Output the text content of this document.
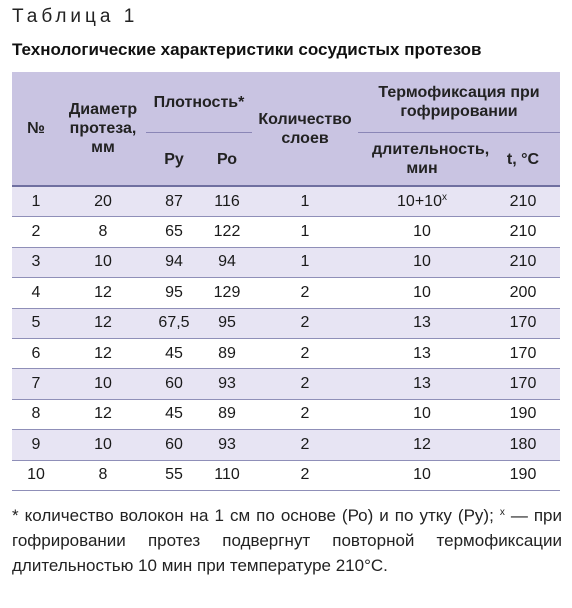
Таблица 1
Технологические характеристики сосудистых протезов
№	Диаметр протеза, мм	Плотность*		Количество слоев	Термофиксация при гофрировании	
		Ру	Ро		длительность, мин	t, °C
1	20	87	116	1	$10+10^х$	210
2	8	65	122	1	10	210
3	10	94	94	1	10	210
4	12	95	129	2	10	200
5	12	67,5	95	2	13	170
6	12	45	89	2	13	170
7	10	60	93	2	13	170
8	12	45	89	2	10	190
9	10	60	93	2	12	180
10	8	55	110	2	10	190
* количество волокон на 1 см по основе (Ро) и по утку (Ру); $^х$ — при гофрировании протез подвергнут повторной термофиксации длительностью 10 мин при температуре 210°С.
